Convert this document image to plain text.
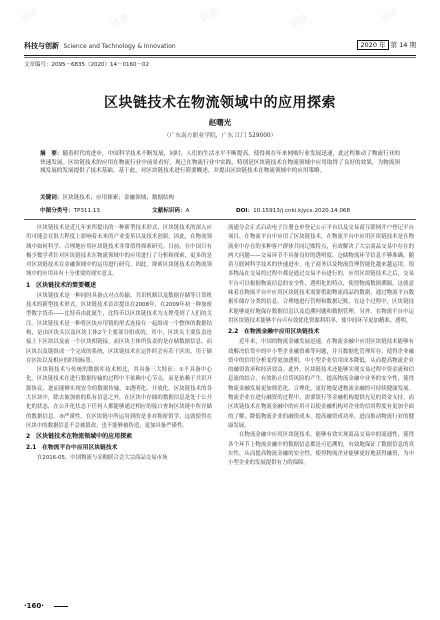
试读	试读	试读	试读	试读
科技与创新 Science and Technology & Innovation	2020 年 第 14 期
文章编号：2095－6835（2020）14－0160－02
区块链技术在物流领域中的应用探索
赵曙光
（广东南方职业学院，广东 江门 529000）
摘　要：随着时代的进步，中国科学技术不断发展，同时，人们的生活水平不断提高，使得现在年来网购行业发展迅速，此过程推动了物流行业的快速发展。区块链技术的应用在物流行业中前景看好，现已在物流行业中实践，特别是区块链技术在物流领域中应用取得了良好的效果，为物流领域发展的发展提供了技术基础。基于此，对区块链技术进行简要概述，并提出区块链技术在物流领域中的应用策略。
关键词：区块链技术；应用探索；金融领域；数据结构
中图分类号：TP311.13	文献标识码：A	DOI：10.15913/j.cnki.kjycx.2020.14.068

区块链技术是近几年来所提出的一种新型技术形式，区块链技术的深入应用可能会在很大程度上影响着未来的产业变革以及技术创新，因此，在物流领域中如何科学、合理地应用区块链技术非常值得探索研究。目前，在中国只有极少数学者针对区块链技术在物流领域中的应用进行了分析和探索，更多的是对区块链技术在金融领域中的运用进行研究。因此，探索区块链技术在物流领域中的应用具有十分重要的现实意义。

1　区块链技术的简要概述

区块链技术是一种同时具备点对点传输、共识机制以及数据存储等计算机技术的新型技术形式，区块链技术首次提出在2008年，在2009年初一种加密型数字货币——比特币由此诞生，比特币以区块链技术为支撑受到了人们的关注。区块链技术是一种将区块应用链的形式连接在一起组成一个整体的数据结构，是由区块头以及区块主体2个主要部分组成的，其中，区块头主要负责连接上下区块以及前一个区块相链接，而区块主体所负责的是存储数据信息。而区块以及链组成一个完成的系统，区块链技术在运作时会有若干区块，用于储存区块以及相应的时间标签。

区块链技术与传统的数据库技术相比，其具备三大特征：①不具备中心化。区块链技术在进行数据传输的过程中不依赖中心节点，而是依赖于共识开源协议，进而能够实现安全的数据传输。②透明化、开放化。区块链技术的各大区块中，除去被加密的私有信息之外，在区块中存储的数据信息是处于公开化的状态，在公开化状态下任何人都能够通过相应的接口查询区块链中所存储的数据信息。③严谨性。在区块链中所运用到的是非对称密钥学，这就使得在区块中的数据信息不会被篡改，也不能够被伪造，更加具备严谨性。

2　区块链技术在物流领域中的应用探索
2.1　在物流平台中应用区块链技术

在2016-05，中国物流与采购联合会大宗商品交易市场

流通分会正式启动电子注册仓单登记公示平台以及交易商互联网开户登记平台项目，在物流平台中应用了区块链技术。在物流平台中应用区块链技术是在物流业中存在的多种客户群体共同记账特点，有效解决了大宗商品交易中存在的两大问题——交易环节不具备良好的透明度、仓储物流环节信息不够准确。随着互联网科学技术的快速进步，电子商务以及物流管理智能化越来越运用，很多物品在交易的过程中都是通过交易平台进行的，应用区块链技术之后，交易平台可以根据物流信息的安全性、透明化的特点，使得物流数据溯源，这就意味着在物流平台中应用区块链技术需要借助物流商品的数据，通过物流平台数据库储存分类的信息，合理地进行管理和数据记账，在这个过程中，区块链技术能够更好地保存数据信息以及追溯问题和数据管理。另外，在物流平台中运用区块链技术能够平台可有效优化资源利用率，使中间环节更加精准、透明。

2.2　在物流金融中应用区块链技术

近年来，中国的物流金融发展迅速，在物流金融中应用区块链技术能够有效解决信贷中的中小型企业融资难等问题，并且数据化管理库存，使得企业融资中的信用分析变得更加透明，中小型企业信用成本降低，从而提高物流企业的融资效率和经济效益。此外，区块链技术还能够实现交易过程中资金流和信息流的结合，有效防止信贷风险的产生，提高物流金融中业务的安全性，使得物流金融发展更加规范化、合理化，更好地促进物流金融的可持续健康发展。物流企业在进行融资的过程中，需要银行等金融机构提供充足的资金支持，而区块链技术在物流金融中的应用可以使金融机构对企业的信用程度有更加全面的了解，降低物流企业的融资成本，提高融资成功率，进而推动物流行业的健康发展。

在物流金融中应用区块链技术，能够有效实现商品交易中的流通性，使得各个环节上物流金融中的数据信息都是可追溯的，有效地保证了数据信息的真实性，从而提高物流金融的安全性，使得物流企业能够更好地获得融资，为中小型企业的发展提供有力的保障。

·160·
